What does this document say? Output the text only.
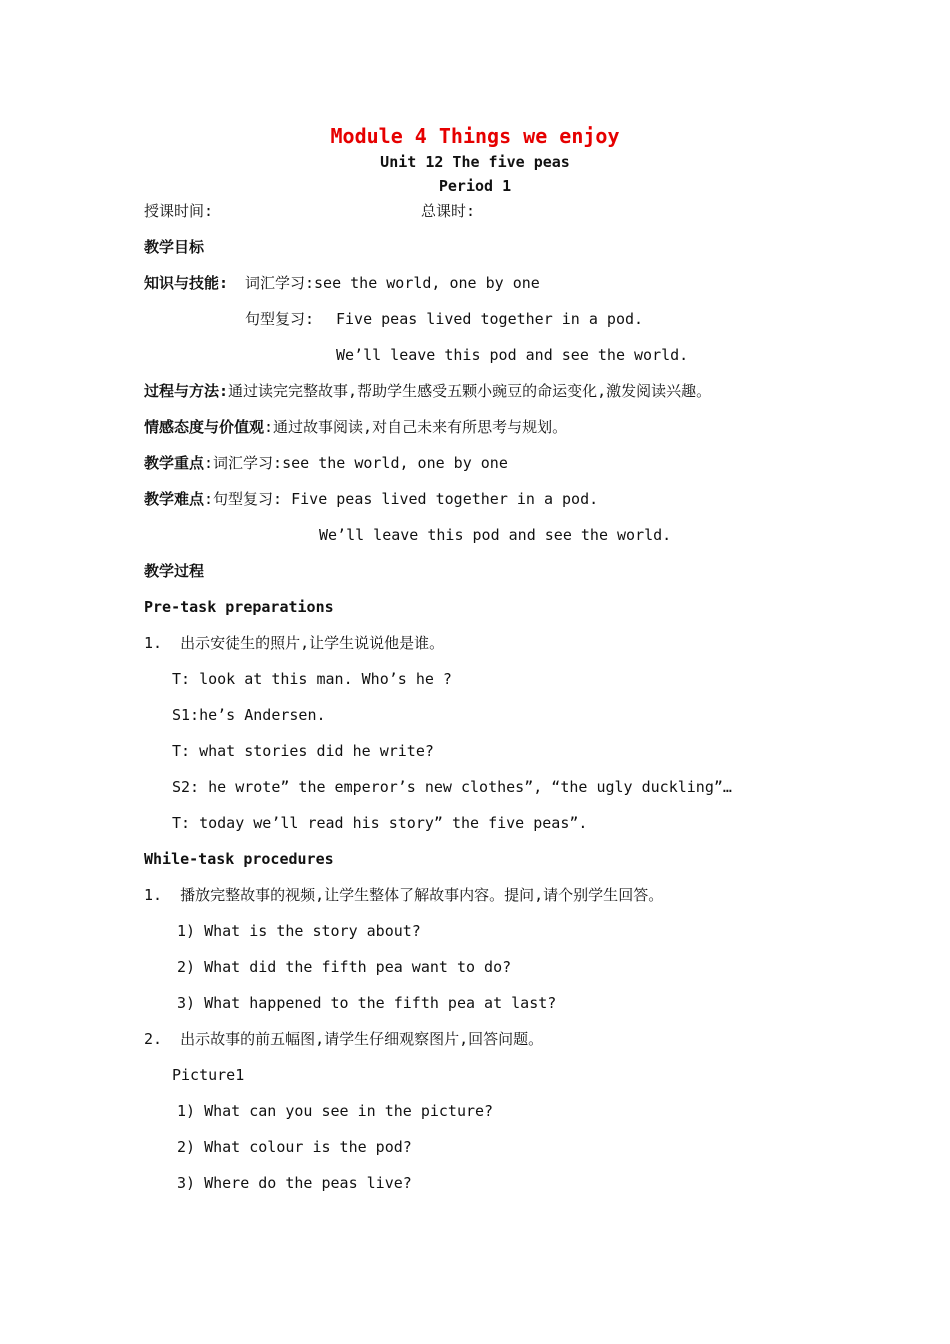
Module 4 Things we enjoy
Unit 12 The five peas
Period 1
授课时间:	总课时:
教学目标
知识与技能: 词汇学习:see the world, one by one
句型复习: Five peas lived together in a pod.
We’ll leave this pod and see the world.
过程与方法:通过读完完整故事,帮助学生感受五颗小豌豆的命运变化,激发阅读兴趣。
情感态度与价值观:通过故事阅读,对自己未来有所思考与规划。
教学重点:词汇学习:see the world, one by one
教学难点:句型复习: Five peas lived together in a pod.
We’ll leave this pod and see the world.
教学过程
Pre-task preparations
1.  出示安徒生的照片,让学生说说他是谁。
T: look at this man. Who’s he ?
S1:he’s Andersen.
T: what stories did he write?
S2: he wrote” the emperor’s new clothes”, “the ugly duckling”…
T: today we’ll read his story” the five peas”.
While-task procedures
1.  播放完整故事的视频,让学生整体了解故事内容。提问,请个别学生回答。
1) What is the story about?
2) What did the fifth pea want to do?
3) What happened to the fifth pea at last?
2.  出示故事的前五幅图,请学生仔细观察图片,回答问题。
Picture1
1) What can you see in the picture?
2) What colour is the pod?
3) Where do the peas live?
